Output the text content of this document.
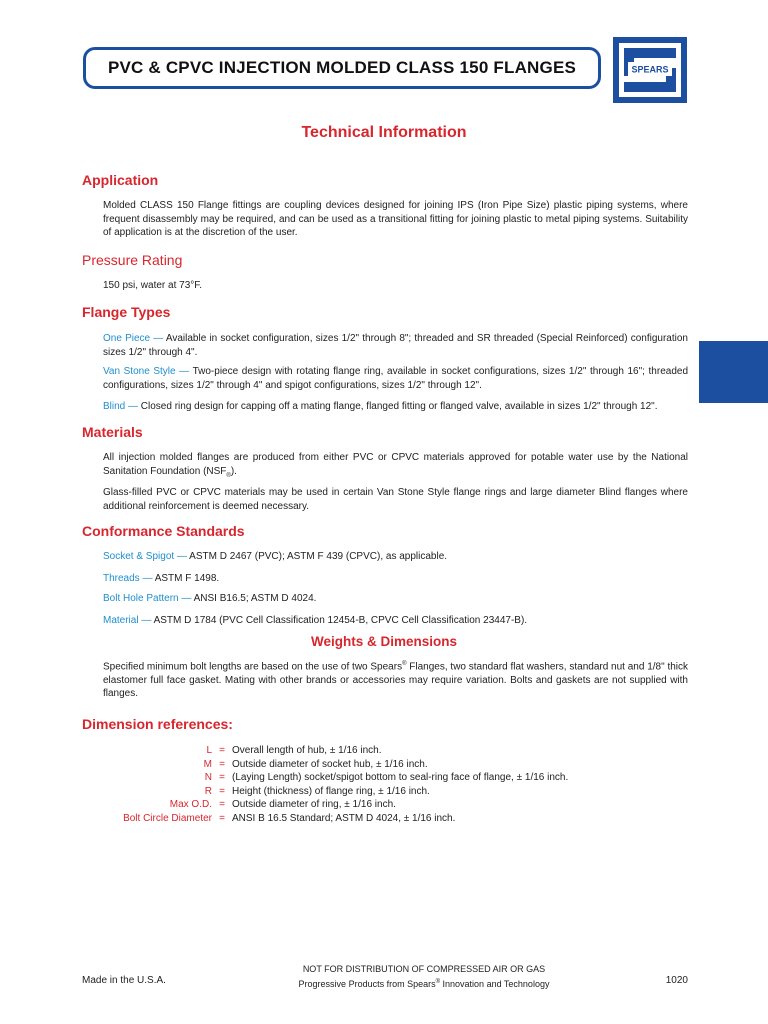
PVC & CPVC INJECTION MOLDED CLASS 150 FLANGES	SPEARS
Technical Information
Application
Molded CLASS 150 Flange fittings are coupling devices designed for joining IPS (Iron Pipe Size) plastic piping systems, where frequent disassembly may be required, and can be used as a transitional fitting for joining plastic to metal piping systems. Suitability of application is at the discretion of the user.
Pressure Rating
150 psi, water at 73°F.
Flange Types
One Piece — Available in socket configuration, sizes 1/2" through 8"; threaded and SR threaded (Special Reinforced) configuration sizes 1/2" through 4".
Van Stone Style — Two-piece design with rotating flange ring, available in socket configurations, sizes 1/2" through 16"; threaded configurations, sizes 1/2" through 4" and spigot configurations, sizes 1/2" through 12".
Blind — Closed ring design for capping off a mating flange, flanged fitting or flanged valve, available in sizes 1/2" through 12".
Materials
All injection molded flanges are produced from either PVC or CPVC materials approved for potable water use by the National Sanitation Foundation $(NSF_®)$.
Glass-filled PVC or CPVC materials may be used in certain Van Stone Style flange rings and large diameter Blind flanges where additional reinforcement is deemed necessary.
Conformance Standards
Socket & Spigot — ASTM D 2467 (PVC); ASTM F 439 (CPVC), as applicable.
Threads — ASTM F 1498.
Bolt Hole Pattern — ANSI B16.5; ASTM D 4024.
Material — ASTM D 1784 (PVC Cell Classification 12454-B, CPVC Cell Classification 23447-B).
Weights & Dimensions
Specified minimum bolt lengths are based on the use of two Spears® Flanges, two standard flat washers, standard nut and 1/8" thick elastomer full face gasket. Mating with other brands or accessories may require variation. Bolts and gaskets are not supplied with flanges.
Dimension references:
L = Overall length of hub, ± 1/16 inch.
M = Outside diameter of socket hub, ± 1/16 inch.
N = (Laying Length) socket/spigot bottom to seal-ring face of flange, ± 1/16 inch.
R = Height (thickness) of flange ring, ± 1/16 inch.
Max O.D. = Outside diameter of ring, ± 1/16 inch.
Bolt Circle Diameter = ANSI B 16.5 Standard; ASTM D 4024, ± 1/16 inch.
Made in the U.S.A.
NOT FOR DISTRIBUTION OF COMPRESSED AIR OR GAS
Progressive Products from Spears® Innovation and Technology	1020
